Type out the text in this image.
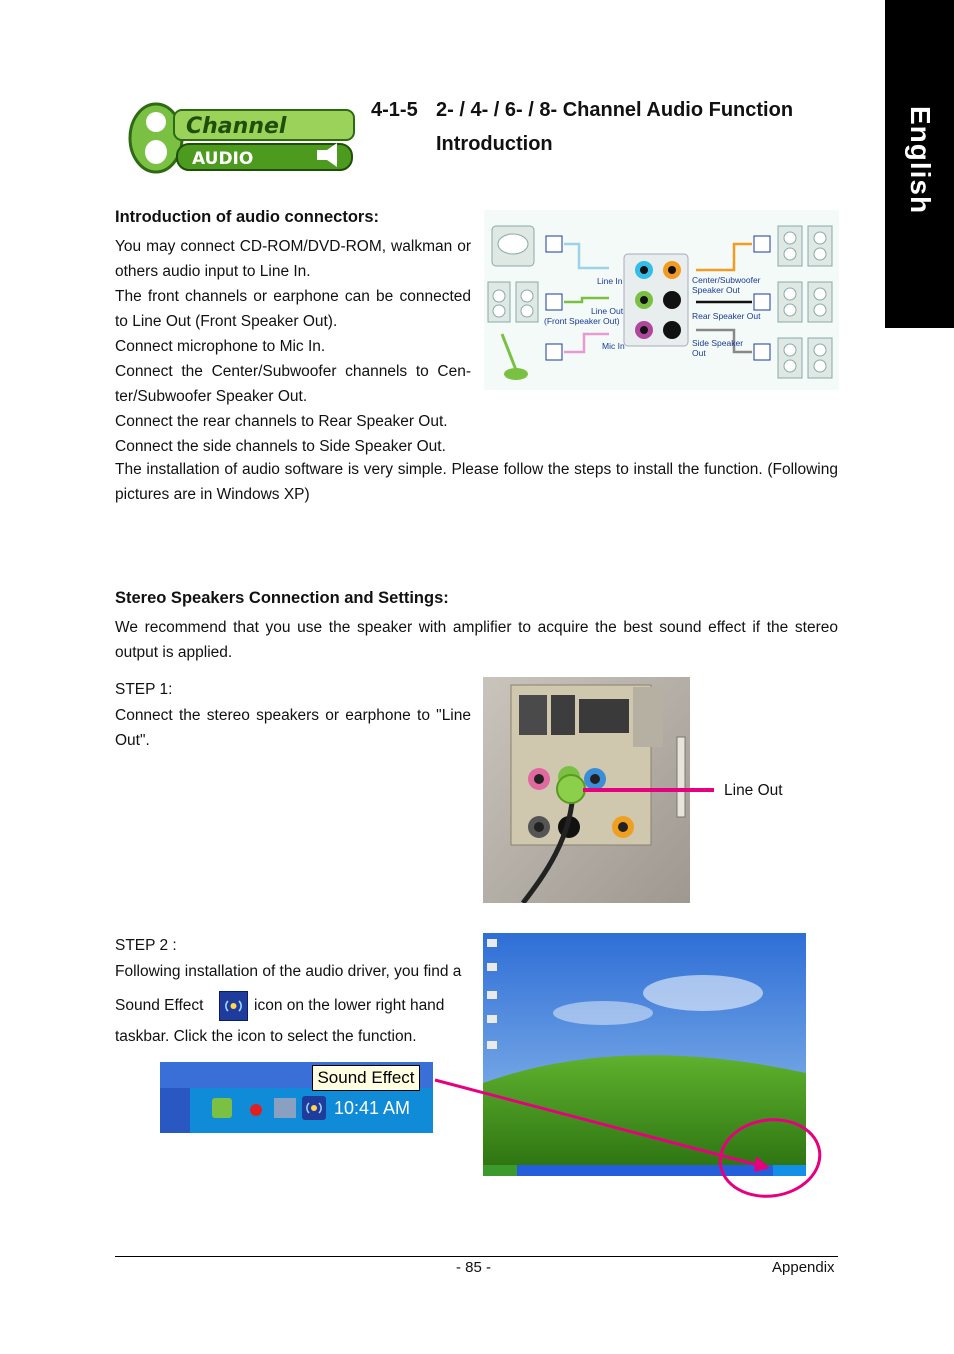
English
Channel
AUDIO
4-1-5 2- / 4- / 6- / 8- Channel Audio Function
Introduction
Introduction of audio connectors:
You may connect CD-ROM/DVD-ROM, walkman or others audio input to Line In.
The front channels or earphone can be connected to Line Out (Front Speaker Out).
Connect microphone to Mic In.
Connect the Center/Subwoofer channels to Cen-ter/Subwoofer Speaker Out.
Connect the rear channels to Rear Speaker Out.
Connect the side channels to Side Speaker Out.
The installation of audio software is very simple. Please follow the steps to install the function. (Following pictures are in Windows XP)
Line In
Line Out
(Front Speaker Out)
Mic In
Center/Subwoofer
Speaker Out
Rear Speaker Out
Side Speaker
Out
Stereo Speakers Connection and Settings:
We recommend that you use the speaker with amplifier to acquire the best sound effect if the stereo output is applied.
STEP 1:
Connect the stereo speakers or earphone to "Line Out".
Line Out
STEP 2 :
Following installation of the audio driver, you find a
Sound Effect	icon on the lower right hand
taskbar. Click the icon to select the function.
Sound Effect
10:41 AM
- 85 -	Appendix
